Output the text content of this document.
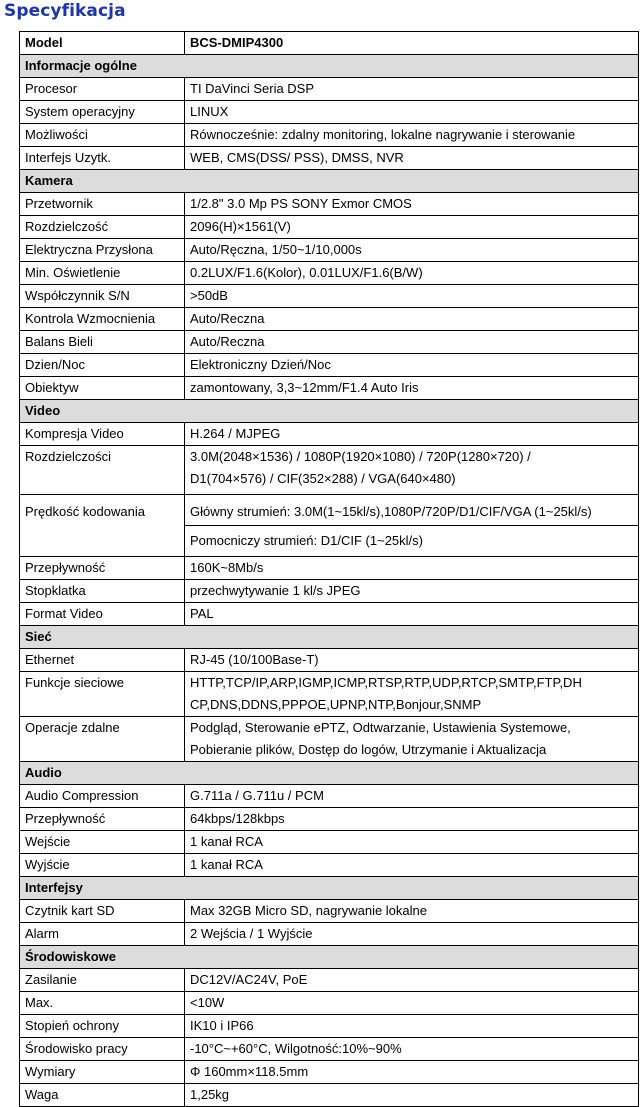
Specyfikacja
Model	BCS-DMIP4300
Informacje ogólne	
Procesor	TI DaVinci Seria DSP
System operacyjny	LINUX
Możliwości	Równocześnie: zdalny monitoring, lokalne nagrywanie i sterowanie
Interfejs Uzytk.	WEB, CMS(DSS/ PSS), DMSS, NVR
Kamera	
Przetwornik	1/2.8" 3.0 Mp PS SONY Exmor CMOS
Rozdzielczość	2096(H)×1561(V)
Elektryczna Przysłona	Auto/Ręczna, 1/50~1/10,000s
Min. Oświetlenie	0.2LUX/F1.6(Kolor), 0.01LUX/F1.6(B/W)
Współczynnik S/N	>50dB
Kontrola Wzmocnienia	Auto/Reczna
Balans Bieli	Auto/Reczna
Dzien/Noc	Elektroniczny Dzień/Noc
Obiektyw	zamontowany, 3,3~12mm/F1.4 Auto Iris
Video	
Kompresja Video	H.264 / MJPEG
Rozdzielczości	3.0M(2048×1536) / 1080P(1920×1080) / 720P(1280×720) /
D1(704×576) / CIF(352×288) / VGA(640×480)

Prędkość kodowania	Główny strumień: 3.0M(1~15kl/s),1080P/720P/D1/CIF/VGA (1~25kl/s)
	Pomocniczy strumień: D1/CIF (1~25kl/s)
Przepływność	160K~8Mb/s
Stopklatka	przechwytywanie 1 kl/s JPEG
Format Video	PAL
Sieć	
Ethernet	RJ-45 (10/100Base-T)
Funkcje sieciowe	HTTP,TCP/IP,ARP,IGMP,ICMP,RTSP,RTP,UDP,RTCP,SMTP,FTP,DH
CP,DNS,DDNS,PPPOE,UPNP,NTP,Bonjour,SNMP

Operacje zdalne	Podgląd, Sterowanie ePTZ, Odtwarzanie, Ustawienia Systemowe,
Pobieranie plików, Dostęp do logów, Utrzymanie i Aktualizacja

Audio	
Audio Compression	G.711a / G.711u / PCM
Przepływność	64kbps/128kbps
Wejście	1 kanał RCA
Wyjście	1 kanał RCA
Interfejsy	
Czytnik kart SD	Max 32GB Micro SD, nagrywanie lokalne
Alarm	2 Wejścia / 1 Wyjście
Środowiskowe	
Zasilanie	DC12V/AC24V, PoE
Max.	<10W
Stopień ochrony	IK10 i IP66
Środowisko pracy	-10°C~+60°C, Wilgotność:10%~90%
Wymiary	Φ 160mm×118.5mm
Waga	1,25kg
